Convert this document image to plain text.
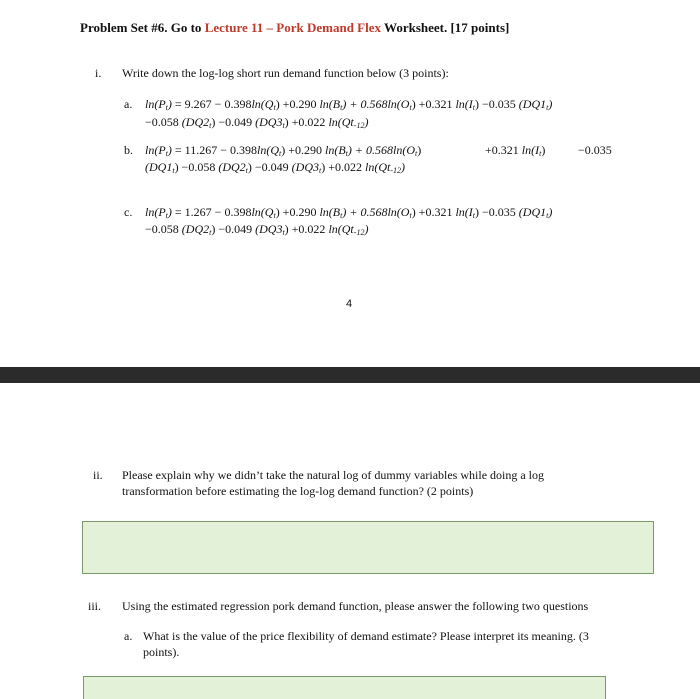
Problem Set #6. Go to Lecture 11 – Pork Demand Flex Worksheet. [17 points]
i. Write down the log-log short run demand function below (3 points):
a. $\ln(P_t) = 9.267 - 0.398\ln(Q_t) +0.290$ $\ln(B_t) + 0.568\ln(O_t) +0.321$ $\ln(I_t) -0.035$ $(DQ1_t)$
−0.058 $(DQ2_t) -0.049$ $(DQ3_t) +0.022$ $\ln(Qt_{-12})$
b. $\ln(P_t) = 11.267 - 0.398\ln(Q_t) +0.290$ $\ln(B_t) + 0.568\ln(O_t)$	+0.321 $\ln(I_t)$	−0.035
$(DQ1_t) -0.058$ $(DQ2_t) -0.049$ $(DQ3_t) +0.022$ $\ln(Qt_{-12})$
c. $\ln(P_t) = 1.267 - 0.398\ln(Q_t) +0.290$ $\ln(B_t) + 0.568\ln(O_t) +0.321$ $\ln(I_t) -0.035$ $(DQ1_t)$
−0.058 $(DQ2_t) -0.049$ $(DQ3_t) +0.022$ $\ln(Qt_{-12})$
4
ii. Please explain why we didn’t take the natural log of dummy variables while doing a log
transformation before estimating the log-log demand function? (2 points)
iii. Using the estimated regression pork demand function, please answer the following two questions
a. What is the value of the price flexibility of demand estimate? Please interpret its meaning. (3
points).
